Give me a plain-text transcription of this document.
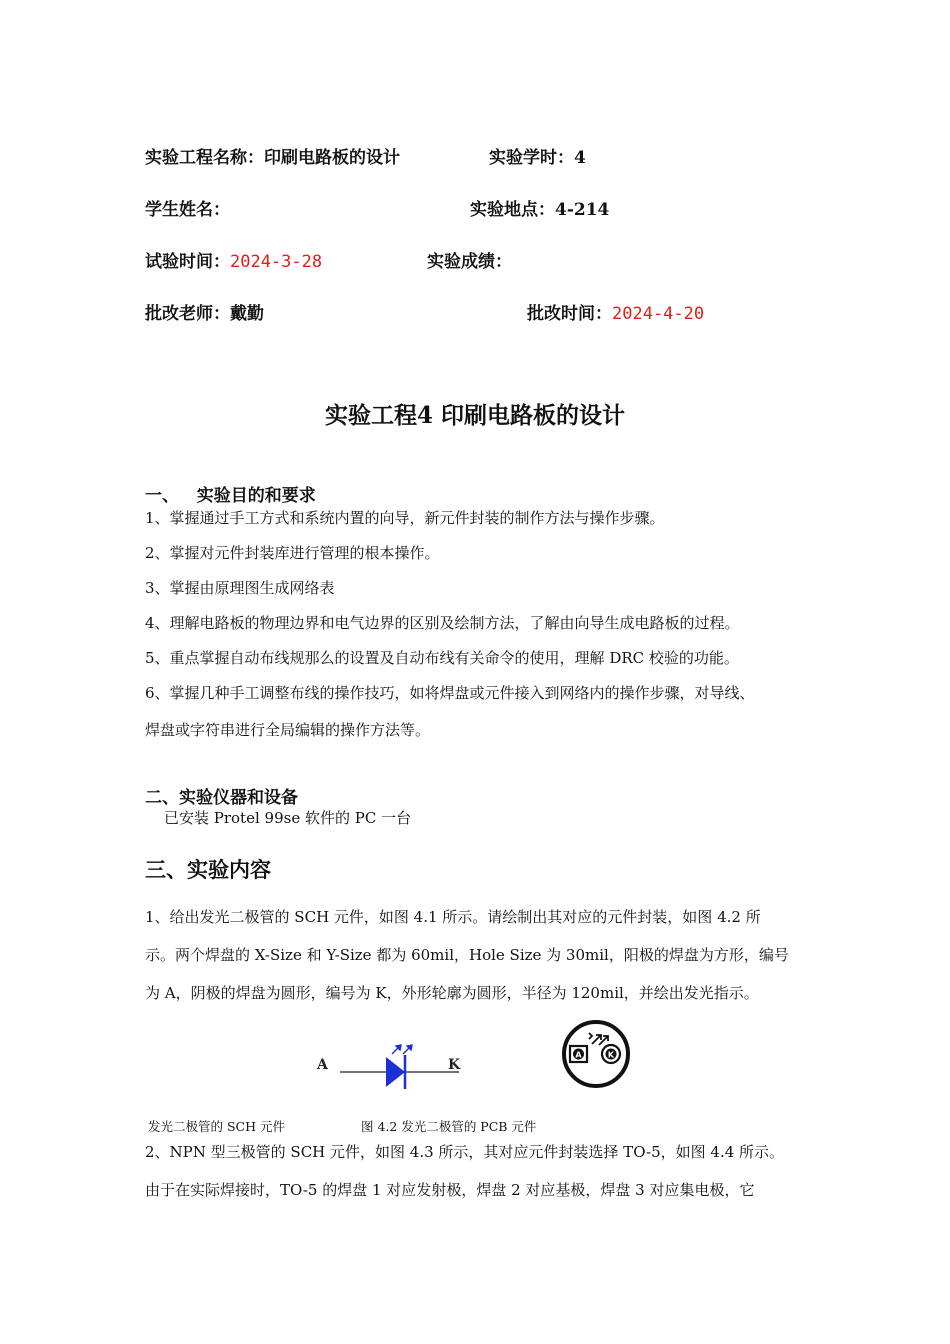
实验工程名称：印刷电路板的设计	实验学时：4
学生姓名：	实验地点：4-214
试验时间：2024-3-28	实验成绩：
批改老师：戴勤	批改时间：2024-4-20
实验工程4 印刷电路板的设计
一、   实验目的和要求
1、掌握通过手工方式和系统内置的向导，新元件封装的制作方法与操作步骤。
2、掌握对元件封装库进行管理的根本操作。
3、掌握由原理图生成网络表
4、理解电路板的物理边界和电气边界的区别及绘制方法，了解由向导生成电路板的过程。
5、重点掌握自动布线规那么的设置及自动布线有关命令的使用，理解 DRC 校验的功能。
6、掌握几种手工调整布线的操作技巧，如将焊盘或元件接入到网络内的操作步骤，对导线、
焊盘或字符串进行全局编辑的操作方法等。
二、实验仪器和设备
已安装 Protel 99se 软件的 PC 一台
三、实验内容
1、给出发光二极管的 SCH 元件，如图 4.1 所示。请绘制出其对应的元件封装，如图 4.2 所
示。两个焊盘的 X-Size 和 Y-Size 都为 60mil，Hole Size 为 30mil，阳极的焊盘为方形，编号
为 A，阴极的焊盘为圆形，编号为 K，外形轮廓为圆形，半径为 120mil，并绘出发光指示。
A	K
A	K
发光二极管的 SCH 元件	图 4.2 发光二极管的 PCB 元件
2、NPN 型三极管的 SCH 元件，如图 4.3 所示，其对应元件封装选择 TO-5，如图 4.4 所示。
由于在实际焊接时，TO-5 的焊盘 1 对应发射极，焊盘 2 对应基极，焊盘 3 对应集电极，它
